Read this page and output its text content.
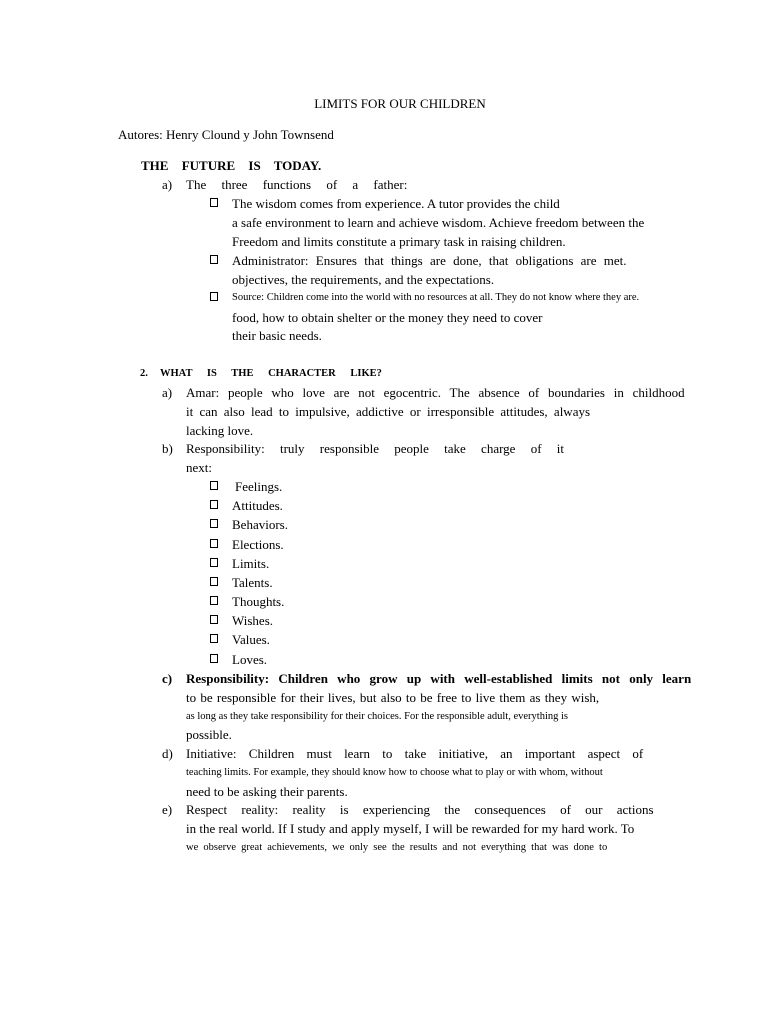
LIMITS FOR OUR CHILDREN
Autores: Henry Clound y John Townsend
THE FUTURE IS TODAY.
a) The three functions of a father:
The wisdom comes from experience. A tutor provides the child
a safe environment to learn and achieve wisdom. Achieve freedom between the
Freedom and limits constitute a primary task in raising children.
Administrator: Ensures that things are done, that obligations are met.
objectives, the requirements, and the expectations.
Source: Children come into the world with no resources at all. They do not know where they are.
food, how to obtain shelter or the money they need to cover
their basic needs.
2. WHAT IS THE CHARACTER LIKE?
a) Amar: people who love are not egocentric. The absence of boundaries in childhood
it can also lead to impulsive, addictive or irresponsible attitudes, always
lacking love.
b) Responsibility: truly responsible people take charge of it
next:
Feelings.
Attitudes.
Behaviors.
Elections.
Limits.
Talents.
Thoughts.
Wishes.
Values.
Loves.
c) Responsibility: Children who grow up with well-established limits not only learn
to be responsible for their lives, but also to be free to live them as they wish,
as long as they take responsibility for their choices. For the responsible adult, everything is
possible.
d) Initiative: Children must learn to take initiative, an important aspect of
teaching limits. For example, they should know how to choose what to play or with whom, without
need to be asking their parents.
e) Respect reality: reality is experiencing the consequences of our actions
in the real world. If I study and apply myself, I will be rewarded for my hard work. To
we observe great achievements, we only see the results and not everything that was done to
